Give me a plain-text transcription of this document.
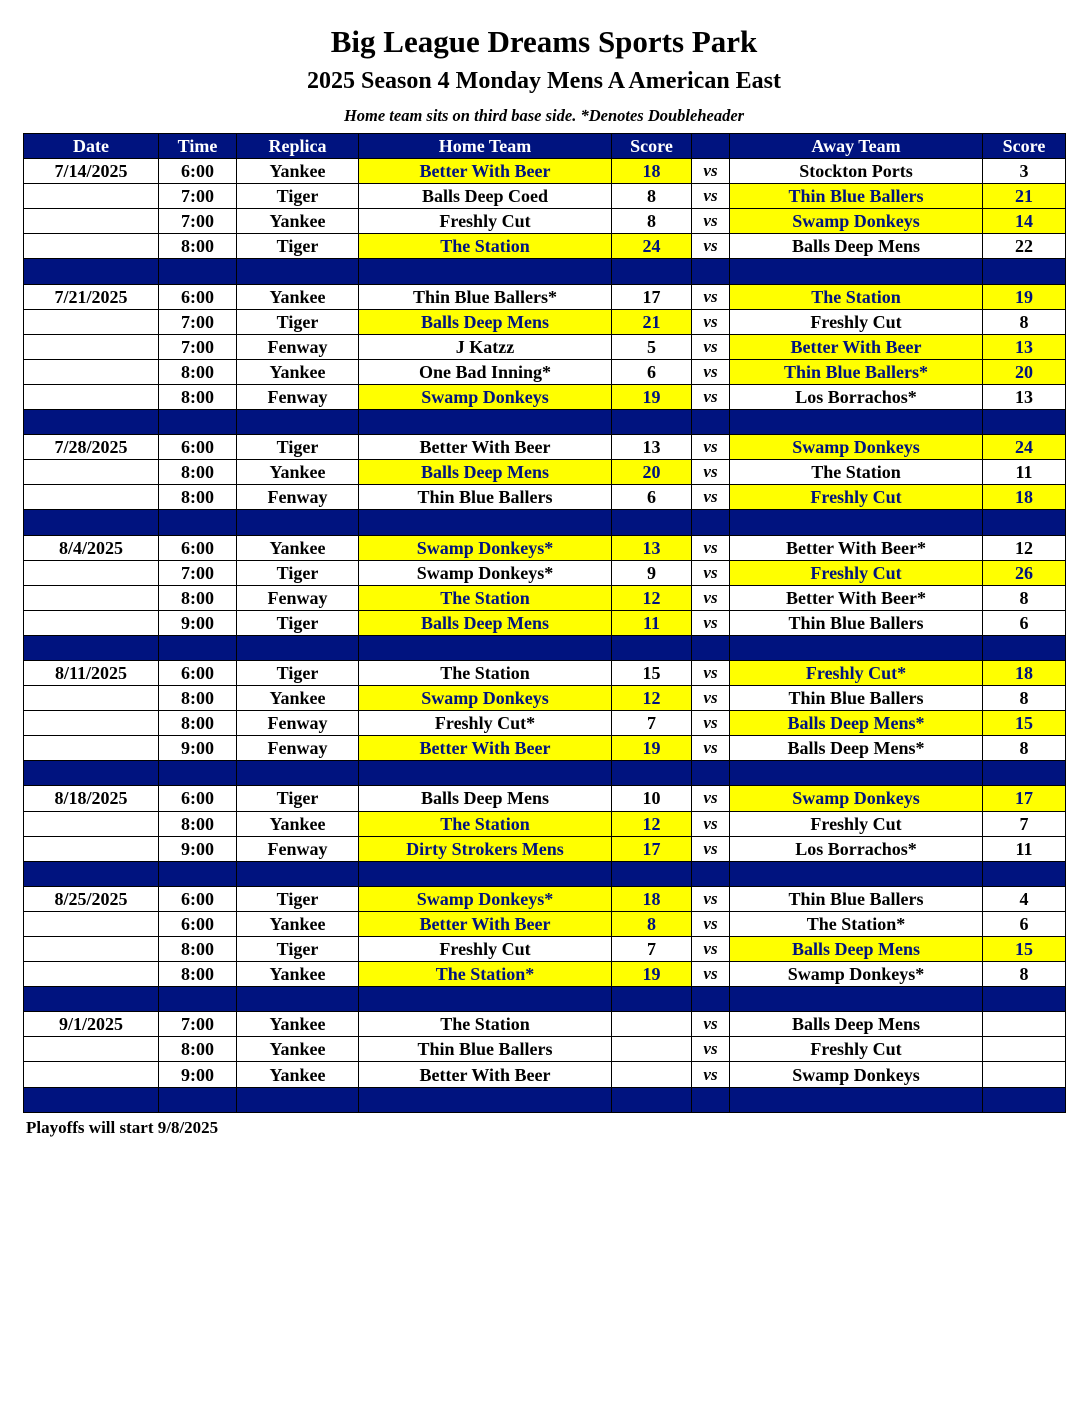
Big League Dreams Sports Park
2025 Season 4 Monday Mens A American East
Home team sits on third base side. *Denotes Doubleheader
Date	Time	Replica	Home Team	Score		Away Team	Score
7/14/2025	6:00	Yankee	Better With Beer	18	vs	Stockton Ports	3
	7:00	Tiger	Balls Deep Coed	8	vs	Thin Blue Ballers	21
	7:00	Yankee	Freshly Cut	8	vs	Swamp Donkeys	14
	8:00	Tiger	The Station	24	vs	Balls Deep Mens	22

7/21/2025	6:00	Yankee	Thin Blue Ballers*	17	vs	The Station	19
	7:00	Tiger	Balls Deep Mens	21	vs	Freshly Cut	8
	7:00	Fenway	J Katzz	5	vs	Better With Beer	13
	8:00	Yankee	One Bad Inning*	6	vs	Thin Blue Ballers*	20
	8:00	Fenway	Swamp Donkeys	19	vs	Los Borrachos*	13

7/28/2025	6:00	Tiger	Better With Beer	13	vs	Swamp Donkeys	24
	8:00	Yankee	Balls Deep Mens	20	vs	The Station	11
	8:00	Fenway	Thin Blue Ballers	6	vs	Freshly Cut	18

8/4/2025	6:00	Yankee	Swamp Donkeys*	13	vs	Better With Beer*	12
	7:00	Tiger	Swamp Donkeys*	9	vs	Freshly Cut	26
	8:00	Fenway	The Station	12	vs	Better With Beer*	8
	9:00	Tiger	Balls Deep Mens	11	vs	Thin Blue Ballers	6

8/11/2025	6:00	Tiger	The Station	15	vs	Freshly Cut*	18
	8:00	Yankee	Swamp Donkeys	12	vs	Thin Blue Ballers	8
	8:00	Fenway	Freshly Cut*	7	vs	Balls Deep Mens*	15
	9:00	Fenway	Better With Beer	19	vs	Balls Deep Mens*	8

8/18/2025	6:00	Tiger	Balls Deep Mens	10	vs	Swamp Donkeys	17
	8:00	Yankee	The Station	12	vs	Freshly Cut	7
	9:00	Fenway	Dirty Strokers Mens	17	vs	Los Borrachos*	11

8/25/2025	6:00	Tiger	Swamp Donkeys*	18	vs	Thin Blue Ballers	4
	6:00	Yankee	Better With Beer	8	vs	The Station*	6
	8:00	Tiger	Freshly Cut	7	vs	Balls Deep Mens	15
	8:00	Yankee	The Station*	19	vs	Swamp Donkeys*	8

9/1/2025	7:00	Yankee	The Station		vs	Balls Deep Mens	
	8:00	Yankee	Thin Blue Ballers		vs	Freshly Cut	
	9:00	Yankee	Better With Beer		vs	Swamp Donkeys	

Playoffs will start 9/8/2025
